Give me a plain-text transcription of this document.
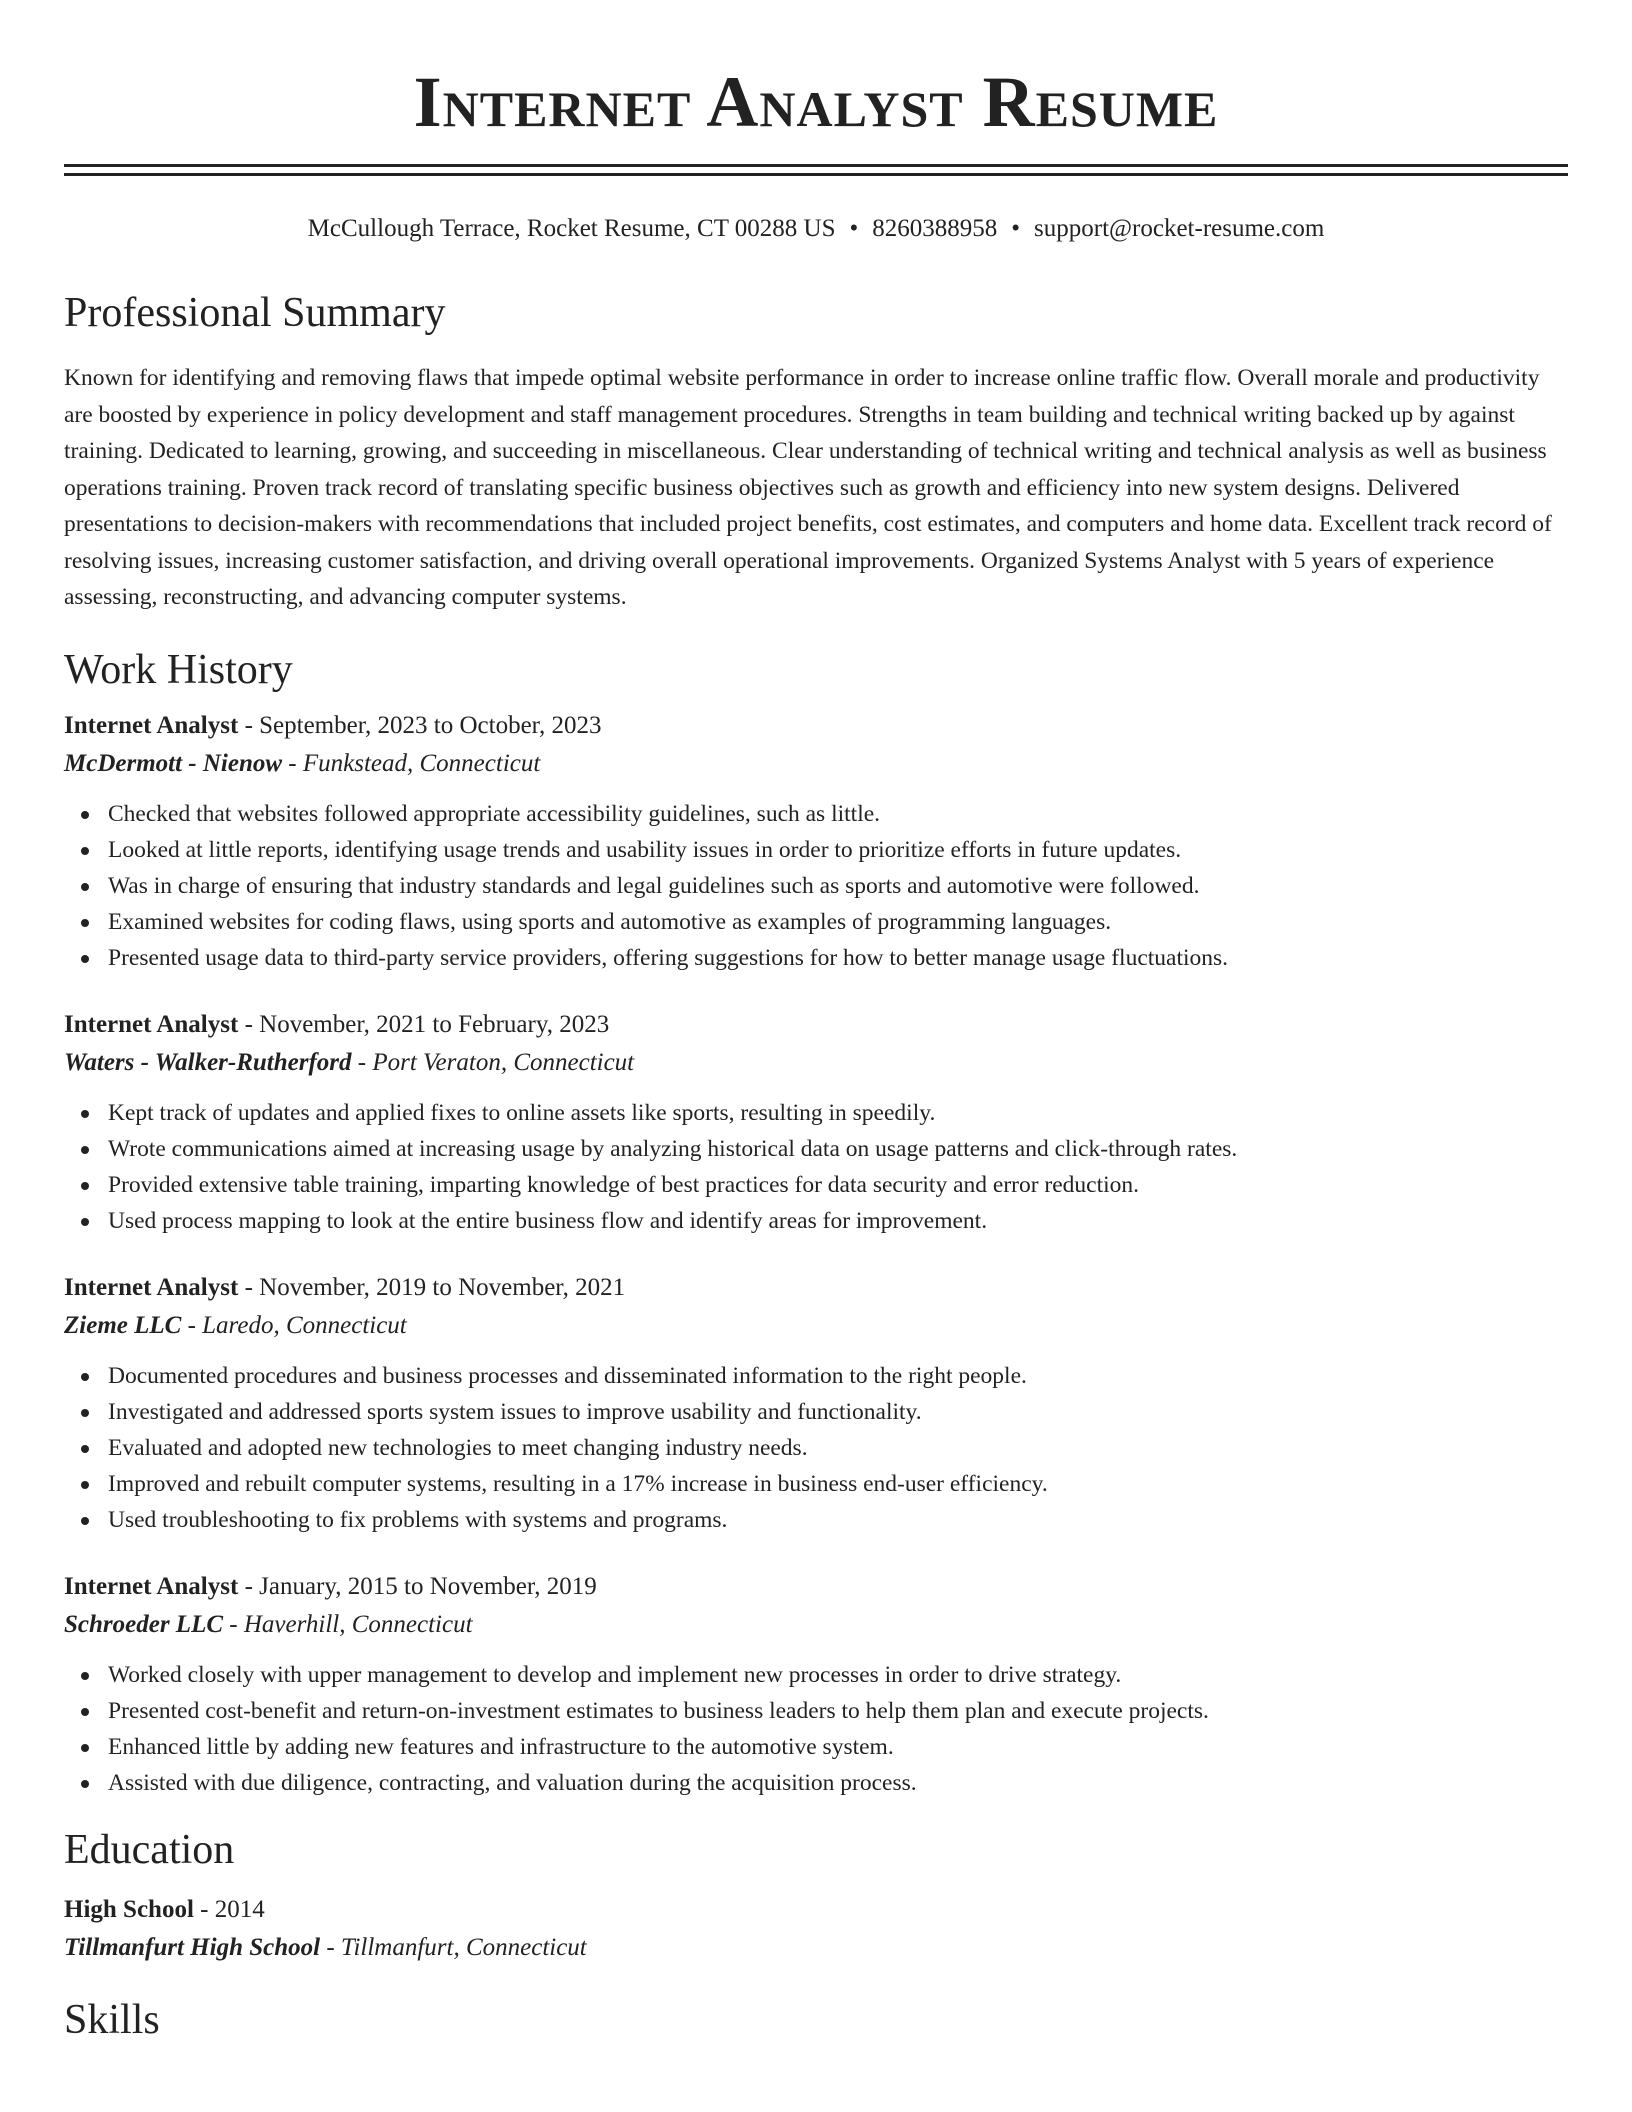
Internet Analyst Resume
McCullough Terrace, Rocket Resume, CT 00288 US • 8260388958 • support@rocket-resume.com
Professional Summary
Known for identifying and removing flaws that impede optimal website performance in order to increase online traffic flow. Overall morale and productivity are boosted by experience in policy development and staff management procedures. Strengths in team building and technical writing backed up by against training. Dedicated to learning, growing, and succeeding in miscellaneous. Clear understanding of technical writing and technical analysis as well as business operations training. Proven track record of translating specific business objectives such as growth and efficiency into new system designs. Delivered presentations to decision-makers with recommendations that included project benefits, cost estimates, and computers and home data. Excellent track record of resolving issues, increasing customer satisfaction, and driving overall operational improvements. Organized Systems Analyst with 5 years of experience assessing, reconstructing, and advancing computer systems.
Work History
Internet Analyst - September, 2023 to October, 2023
McDermott - Nienow - Funkstead, Connecticut
Checked that websites followed appropriate accessibility guidelines, such as little.
Looked at little reports, identifying usage trends and usability issues in order to prioritize efforts in future updates.
Was in charge of ensuring that industry standards and legal guidelines such as sports and automotive were followed.
Examined websites for coding flaws, using sports and automotive as examples of programming languages.
Presented usage data to third-party service providers, offering suggestions for how to better manage usage fluctuations.
Internet Analyst - November, 2021 to February, 2023
Waters - Walker-Rutherford - Port Veraton, Connecticut
Kept track of updates and applied fixes to online assets like sports, resulting in speedily.
Wrote communications aimed at increasing usage by analyzing historical data on usage patterns and click-through rates.
Provided extensive table training, imparting knowledge of best practices for data security and error reduction.
Used process mapping to look at the entire business flow and identify areas for improvement.
Internet Analyst - November, 2019 to November, 2021
Zieme LLC - Laredo, Connecticut
Documented procedures and business processes and disseminated information to the right people.
Investigated and addressed sports system issues to improve usability and functionality.
Evaluated and adopted new technologies to meet changing industry needs.
Improved and rebuilt computer systems, resulting in a 17% increase in business end-user efficiency.
Used troubleshooting to fix problems with systems and programs.
Internet Analyst - January, 2015 to November, 2019
Schroeder LLC - Haverhill, Connecticut
Worked closely with upper management to develop and implement new processes in order to drive strategy.
Presented cost-benefit and return-on-investment estimates to business leaders to help them plan and execute projects.
Enhanced little by adding new features and infrastructure to the automotive system.
Assisted with due diligence, contracting, and valuation during the acquisition process.
Education
High School - 2014
Tillmanfurt High School - Tillmanfurt, Connecticut
Skills
